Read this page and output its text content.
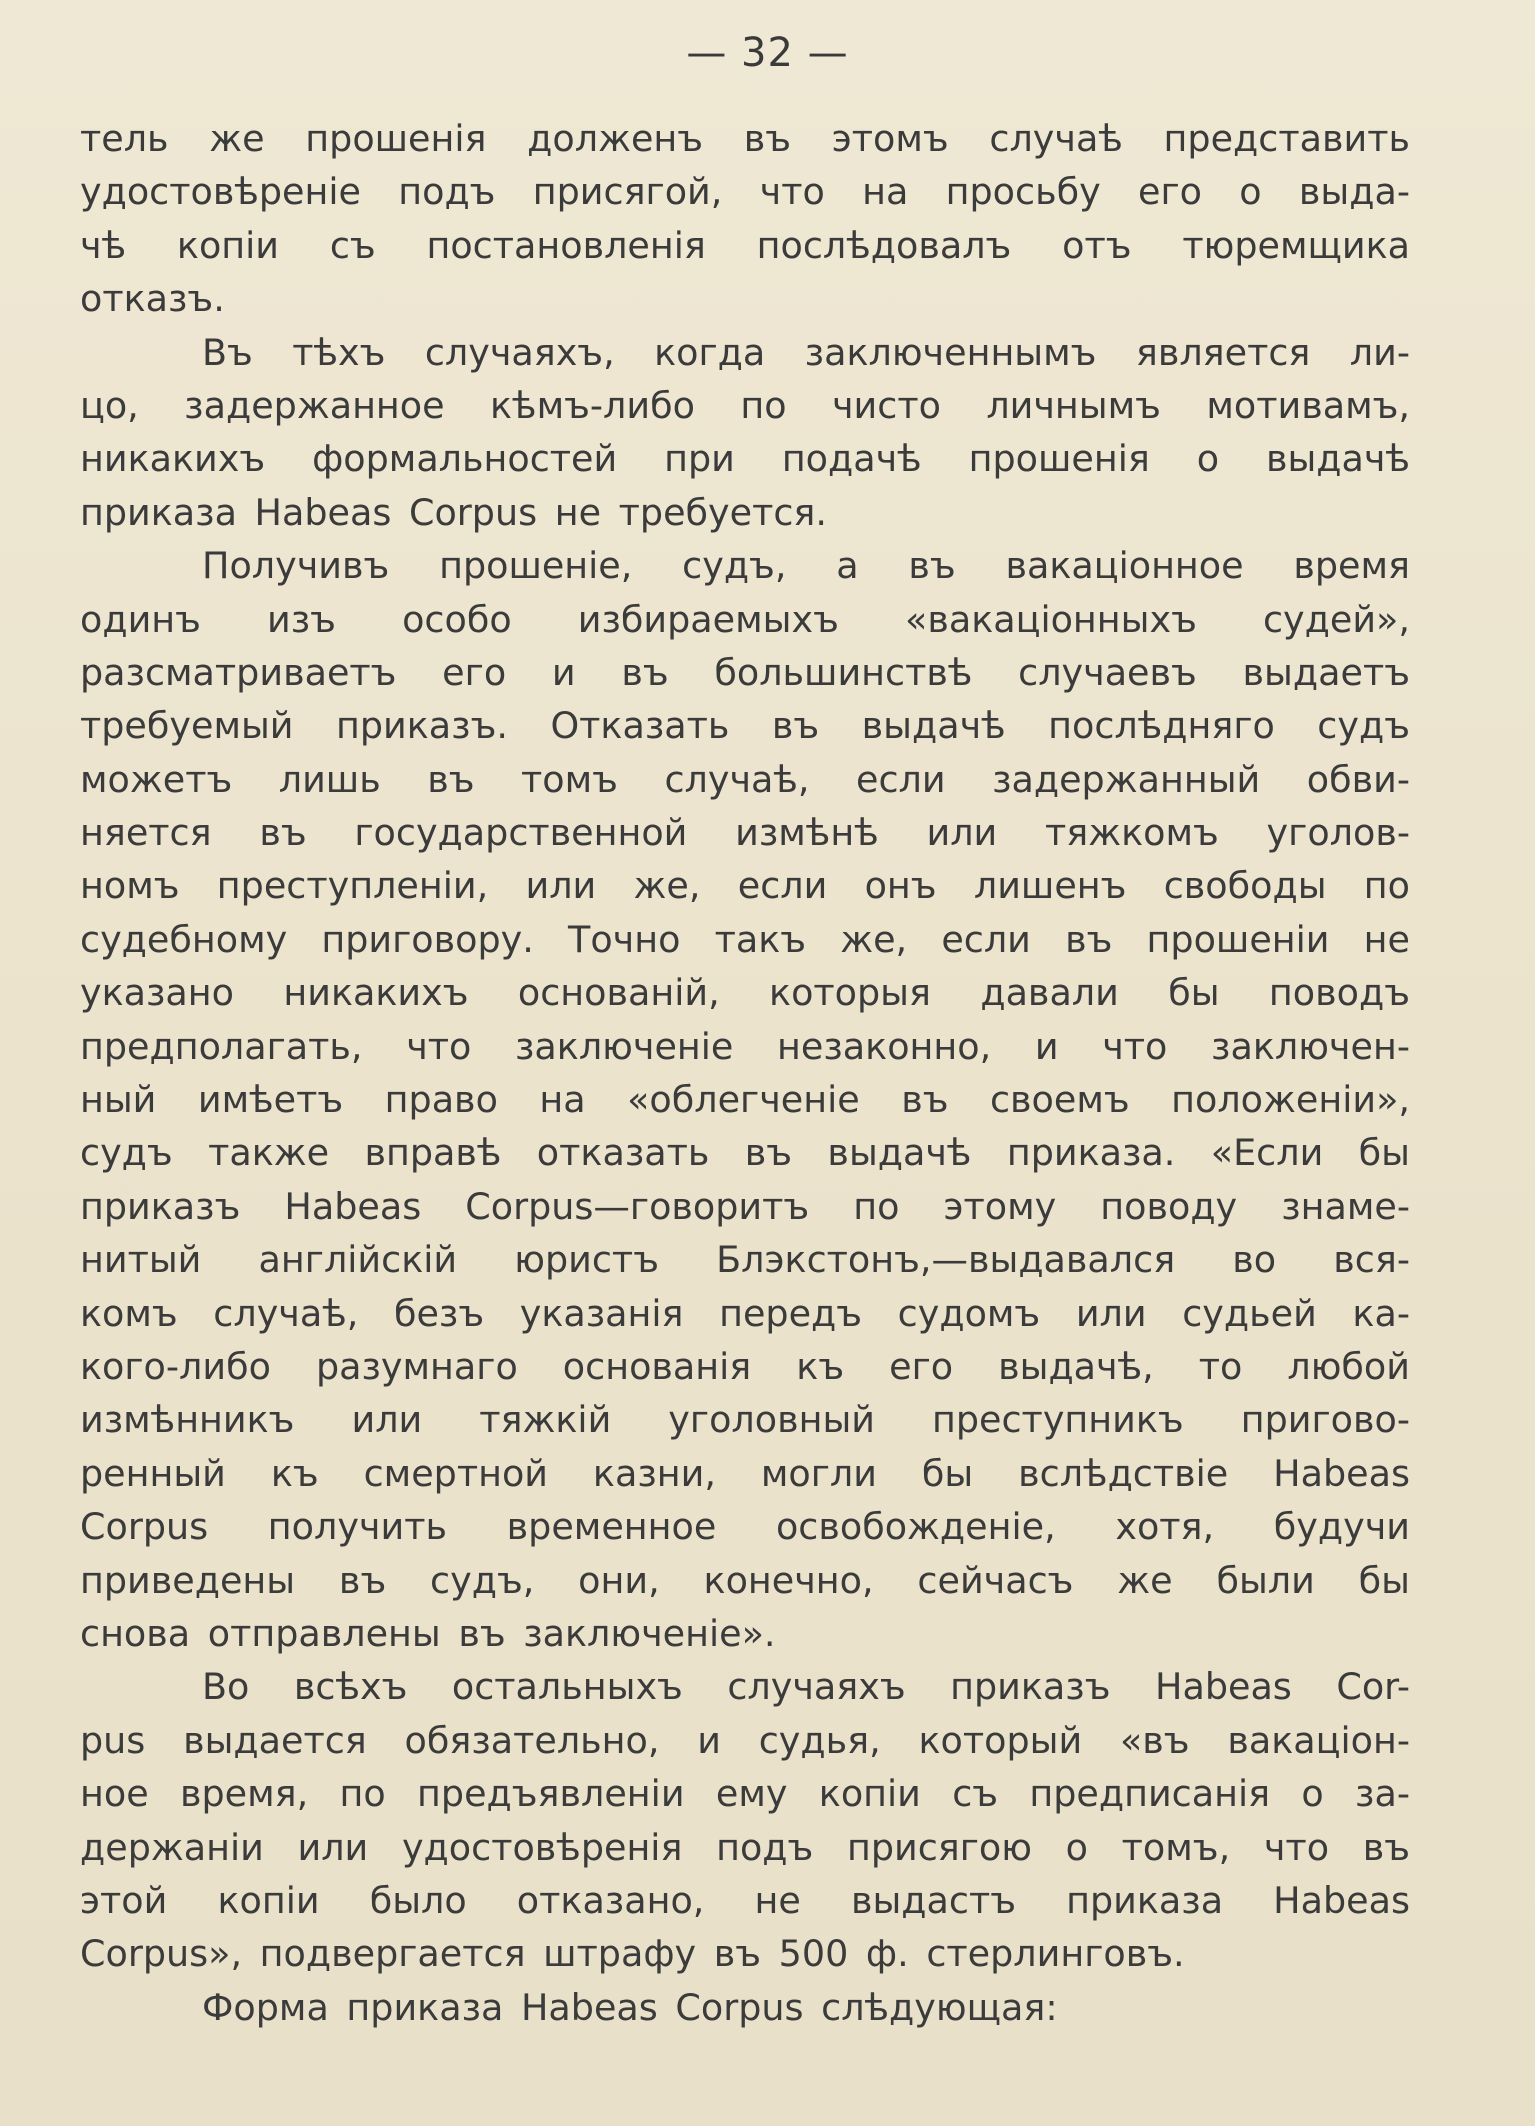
— 32 —
тель же прошенія долженъ въ этомъ случаѣ представить
удостовѣреніе подъ присягой, что на просьбу его о выда-
чѣ копіи съ постановленія послѣдовалъ отъ тюремщика
отказъ.
Въ тѣхъ случаяхъ, когда заключеннымъ является ли-
цо, задержанное кѣмъ-либо по чисто личнымъ мотивамъ,
никакихъ формальностей при подачѣ прошенія о выдачѣ
приказа Habeas Corpus не требуется.
Получивъ прошеніе, судъ, а въ вакаціонное время
одинъ изъ особо избираемыхъ «вакаціонныхъ судей»,
разсматриваетъ его и въ большинствѣ случаевъ выдаетъ
требуемый приказъ. Отказать въ выдачѣ послѣдняго судъ
можетъ лишь въ томъ случаѣ, если задержанный обви-
няется въ государственной измѣнѣ или тяжкомъ уголов-
номъ преступленіи, или же, если онъ лишенъ свободы по
судебному приговору. Точно такъ же, если въ прошеніи не
указано никакихъ основаній, которыя давали бы поводъ
предполагать, что заключеніе незаконно, и что заключен-
ный имѣетъ право на «облегченіе въ своемъ положеніи»,
судъ также вправѣ отказать въ выдачѣ приказа. «Если бы
приказъ Habeas Corpus—говоритъ по этому поводу знаме-
нитый англійскій юристъ Блэкстонъ,—выдавался во вся-
комъ случаѣ, безъ указанія передъ судомъ или судьей ка-
кого-либо разумнаго основанія къ его выдачѣ, то любой
измѣнникъ или тяжкій уголовный преступникъ пригово-
ренный къ смертной казни, могли бы вслѣдствіе Habeas
Corpus получить временное освобожденіе, хотя, будучи
приведены въ судъ, они, конечно, сейчасъ же были бы
снова отправлены въ заключеніе».
Во всѣхъ остальныхъ случаяхъ приказъ Habeas Cor-
pus выдается обязательно, и судья, который «въ вакаціон-
ное время, по предъявленіи ему копіи съ предписанія о за-
держаніи или удостовѣренія подъ присягою о томъ, что въ
этой копіи было отказано, не выдастъ приказа Habeas
Corpus», подвергается штрафу въ 500 ф. стерлинговъ.
Форма приказа Habeas Corpus слѣдующая:
